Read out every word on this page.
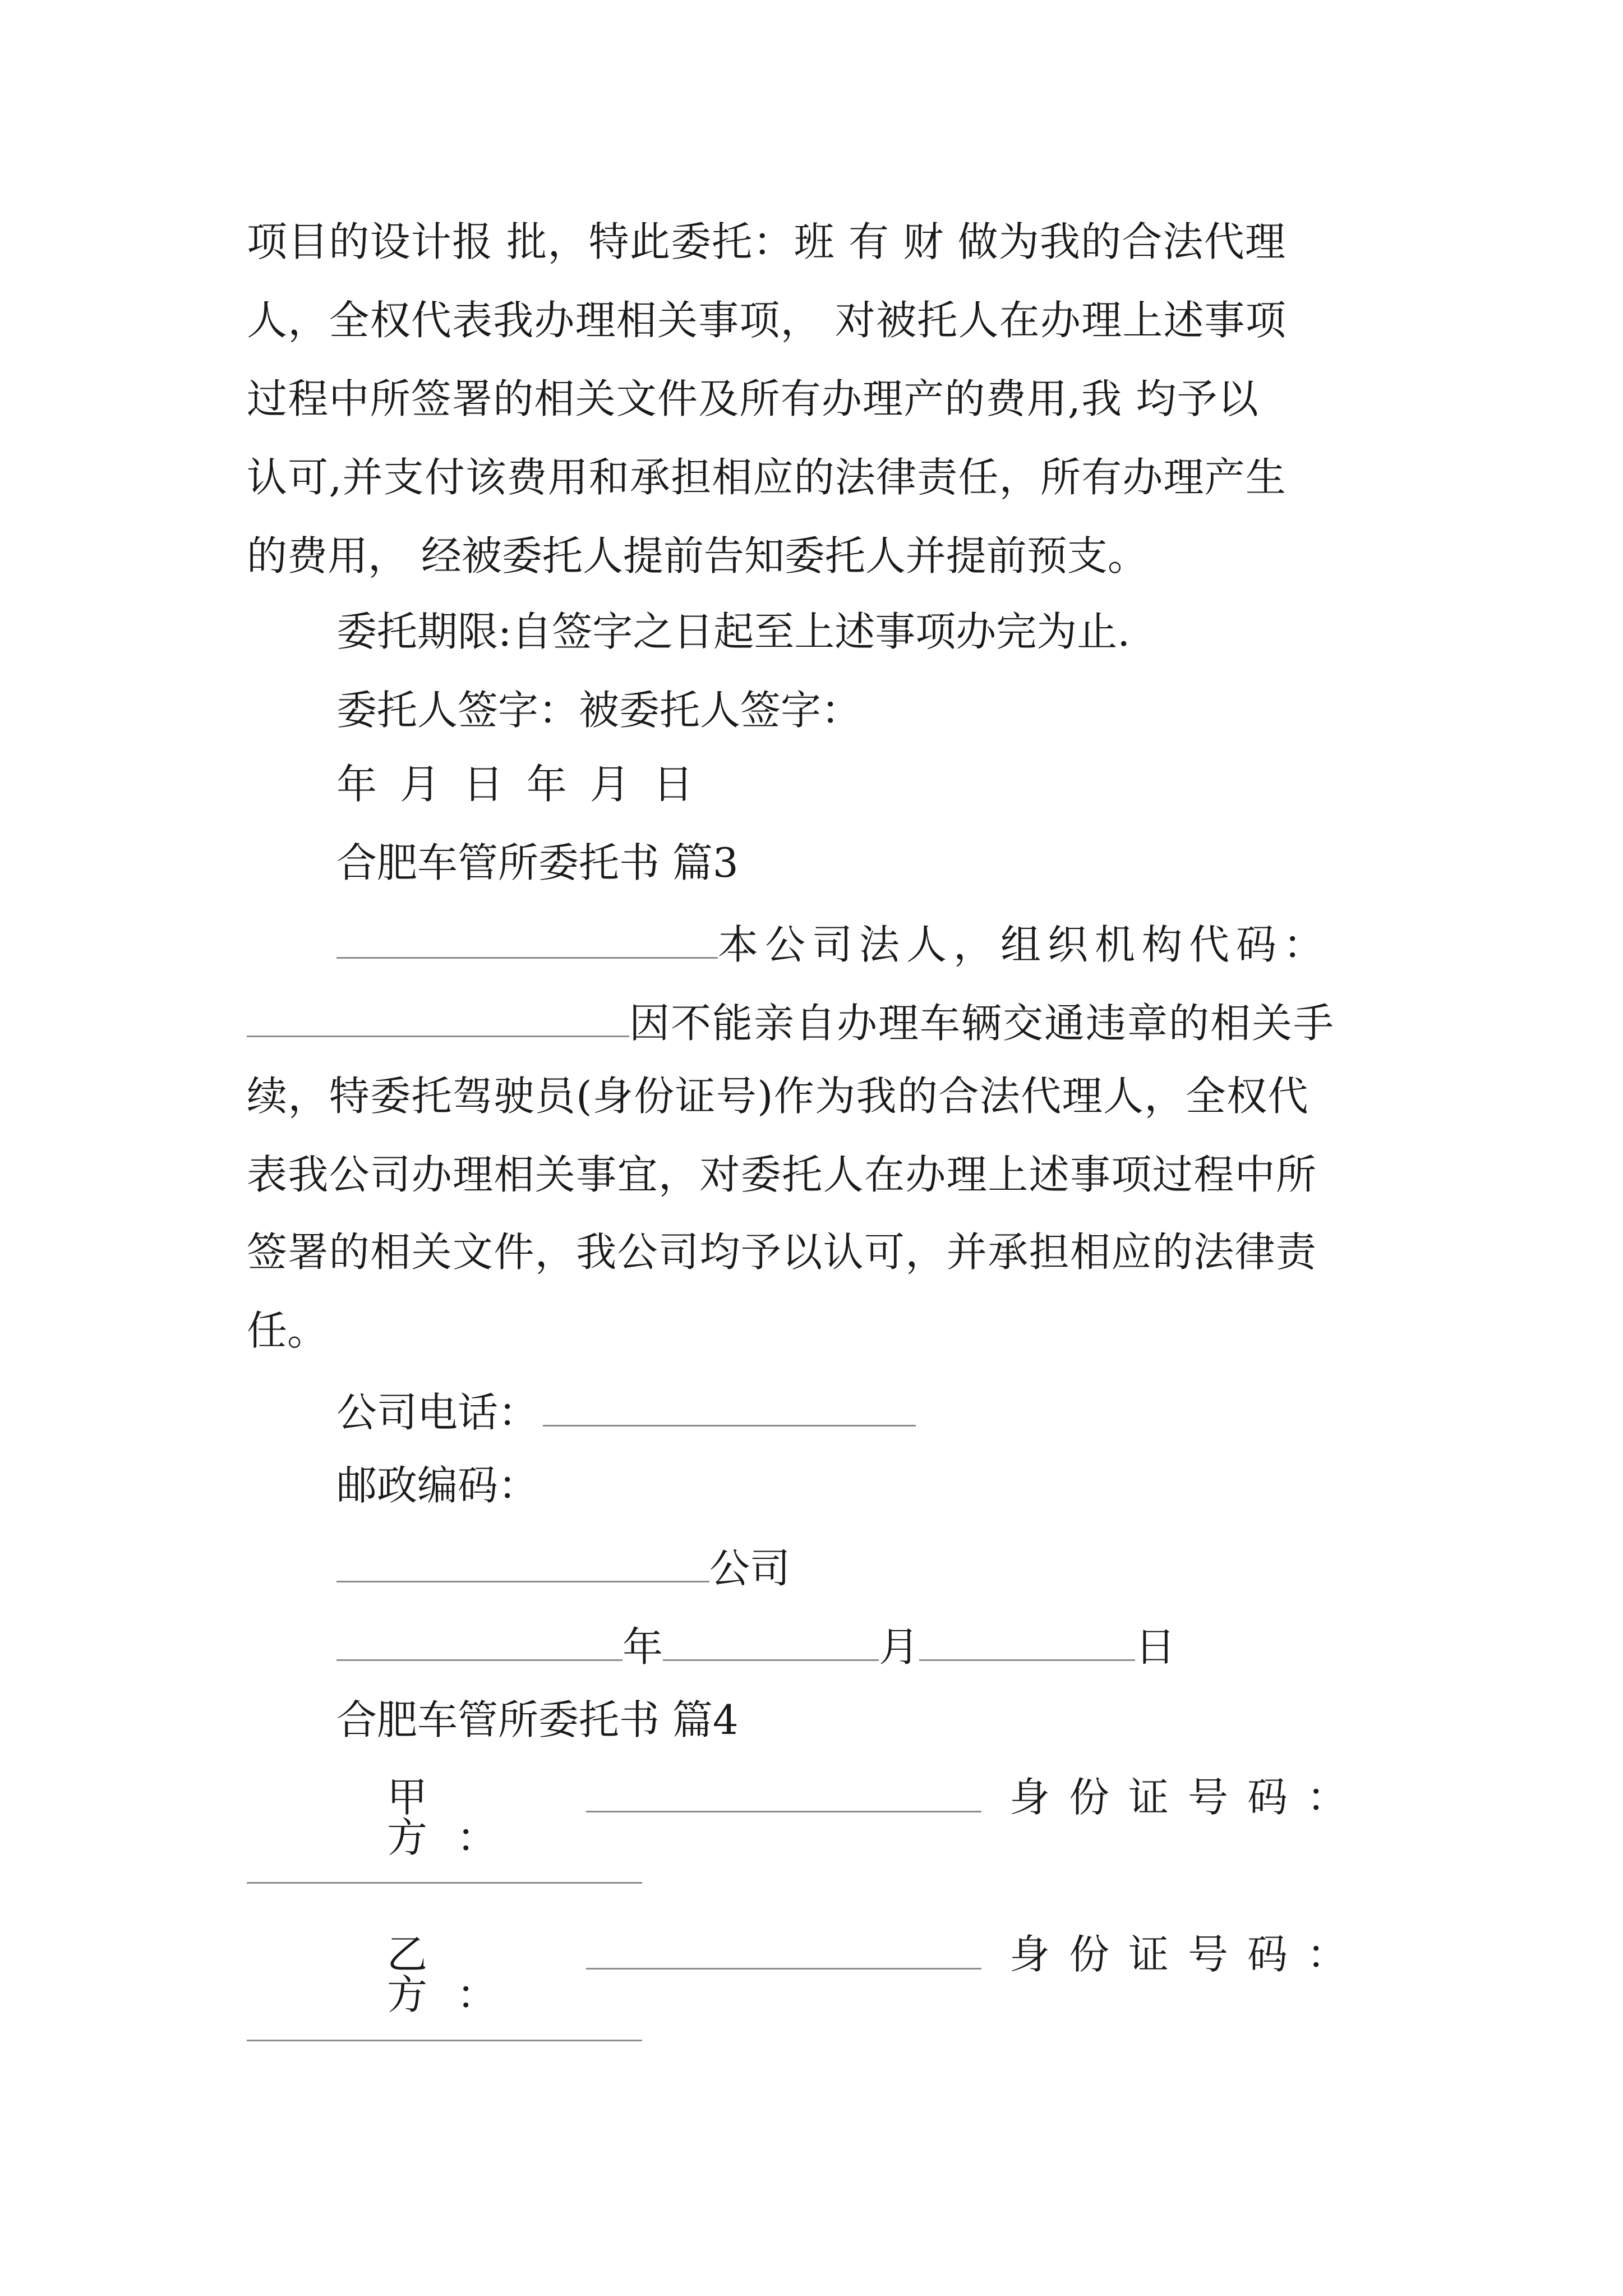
项目的设计报 批，特此委托：班 有 财 做为我的合法代理
人，全权代表我办理相关事项， 对被托人在办理上述事项
过程中所签署的相关文件及所有办理产的费用,我 均予以
认可,并支付该费用和承担相应的法律责任，所有办理产生
的费用， 经被委托人提前告知委托人并提前预支。
委托期限:自签字之日起至上述事项办完为止.
委托人签字：被委托人签字：
年 月 日 年 月 日
合肥车管所委托书 篇3
本公司法人，组织机构代码：
因不能亲自办理车辆交通违章的相关手
续，特委托驾驶员(身份证号)作为我的合法代理人，全权代
表我公司办理相关事宜，对委托人在办理上述事项过程中所
签署的相关文件，我公司均予以认可，并承担相应的法律责
任。
公司电话：
邮政编码：
公司
年	月	日
合肥车管所委托书 篇4
甲方：
身份证号码：
乙方：
身份证号码：
